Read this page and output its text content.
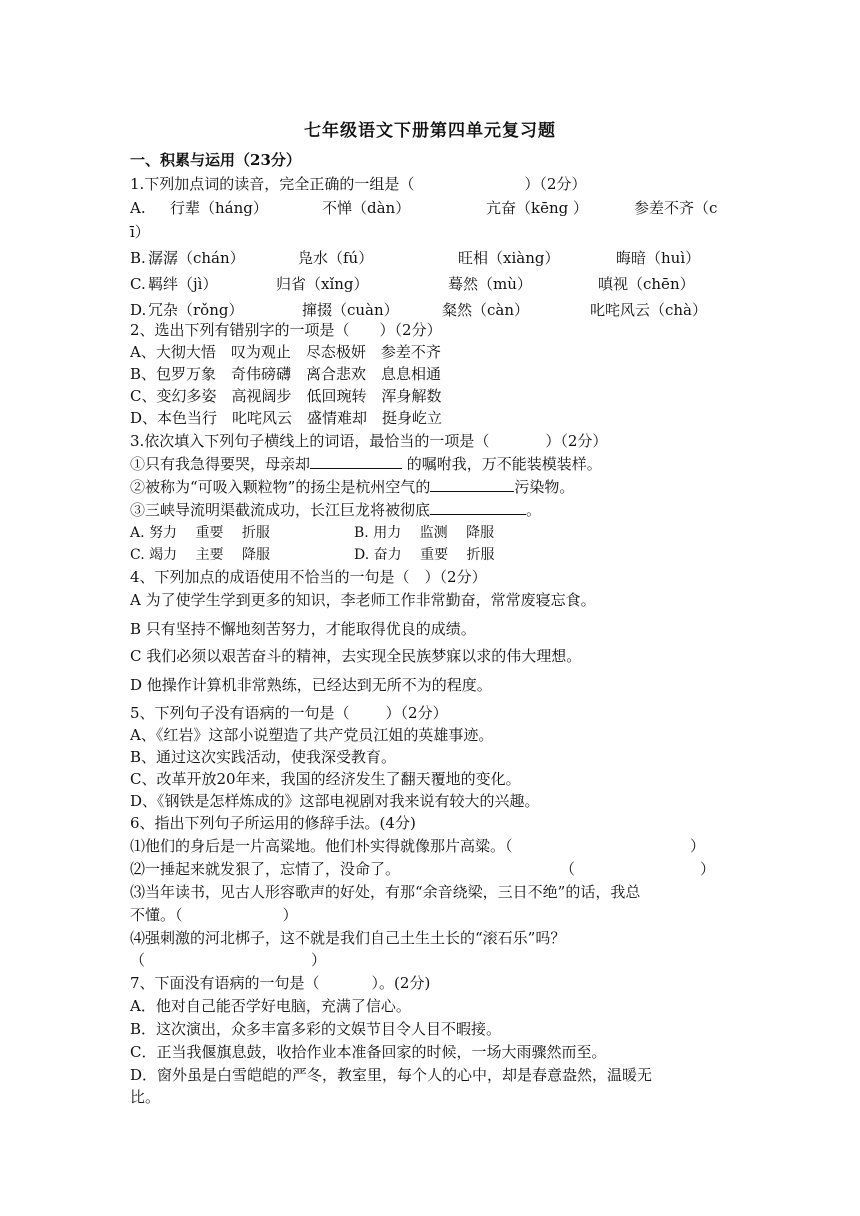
七年级语文下册第四单元复习题
一、积累与运用（23分）
1.下列加点词的读音，完全正确的一组是（	）（2分）
A. 行辈（háng）	不惮（dàn）	亢奋（kēng ）	参差不齐（c
ī）
B. 潺潺（chán）	凫水（fú）	旺相（xiàng）	晦暗（huì）
C. 羁绊（jì）	归省（xǐng）	蓦然（mù）	嗔视（chēn）
D. 冗杂（rǒng）	撺掇（cuàn）	粲然（càn）	叱咤风云（chà）
2、选出下列有错别字的一项是（ ）（2分）
A、大彻大悟　叹为观止　尽态极妍　参差不齐
B、包罗万象　奇伟磅礴　离合悲欢　息息相通
C、变幻多姿　高视阔步　低回琬转　浑身解数
D、本色当行　叱咤风云　盛情难却　挺身屹立
3.依次填入下列句子横线上的词语，最恰当的一项是（	）（2分）
①只有我急得要哭，母亲却	的嘱咐我，万不能装模装样。
②被称为“可吸入颗粒物”的扬尘是杭州空气的	污染物。
③三峡导流明渠截流成功，长江巨龙将被彻底	。
A. 努力　 重要　 折服	B. 用力　 监测　 降服
C. 竭力　 主要　 降服	D. 奋力　 重要　 折服
4、下列加点的成语使用不恰当的一句是（　）（2分）
A 为了使学生学到更多的知识，李老师工作非常勤奋，常常废寝忘食。
B 只有坚持不懈地刻苦努力，才能取得优良的成绩。
C 我们必须以艰苦奋斗的精神，去实现全民族梦寐以求的伟大理想。
D 他操作计算机非常熟练，已经达到无所不为的程度。
5、下列句子没有语病的一句是（ ）（2分）
A、《红岩》这部小说塑造了共产党员江姐的英雄事迹。
B、通过这次实践活动，使我深受教育。
C、改革开放20年来，我国的经济发生了翻天覆地的变化。
D、《钢铁是怎样炼成的》这部电视剧对我来说有较大的兴趣。
6、指出下列句子所运用的修辞手法。(4分)
⑴他们的身后是一片高粱地。他们朴实得就像那片高粱。（	）
⑵一捶起来就发狠了，忘情了，没命了。	（	）
⑶当年读书，见古人形容歌声的好处，有那“余音绕梁，三日不绝”的话，我总
不懂。（	）
⑷强刺激的河北梆子，这不就是我们自己土生土长的“滚石乐”吗？
（	）
7、下面没有语病的一句是（	）。(2分)
A．他对自己能否学好电脑，充满了信心。
B．这次演出，众多丰富多彩的文娱节目令人目不暇接。
C．正当我偃旗息鼓，收拾作业本准备回家的时候，一场大雨骤然而至。
D．窗外虽是白雪皑皑的严冬，教室里，每个人的心中，却是春意盎然，温暖无
比。
